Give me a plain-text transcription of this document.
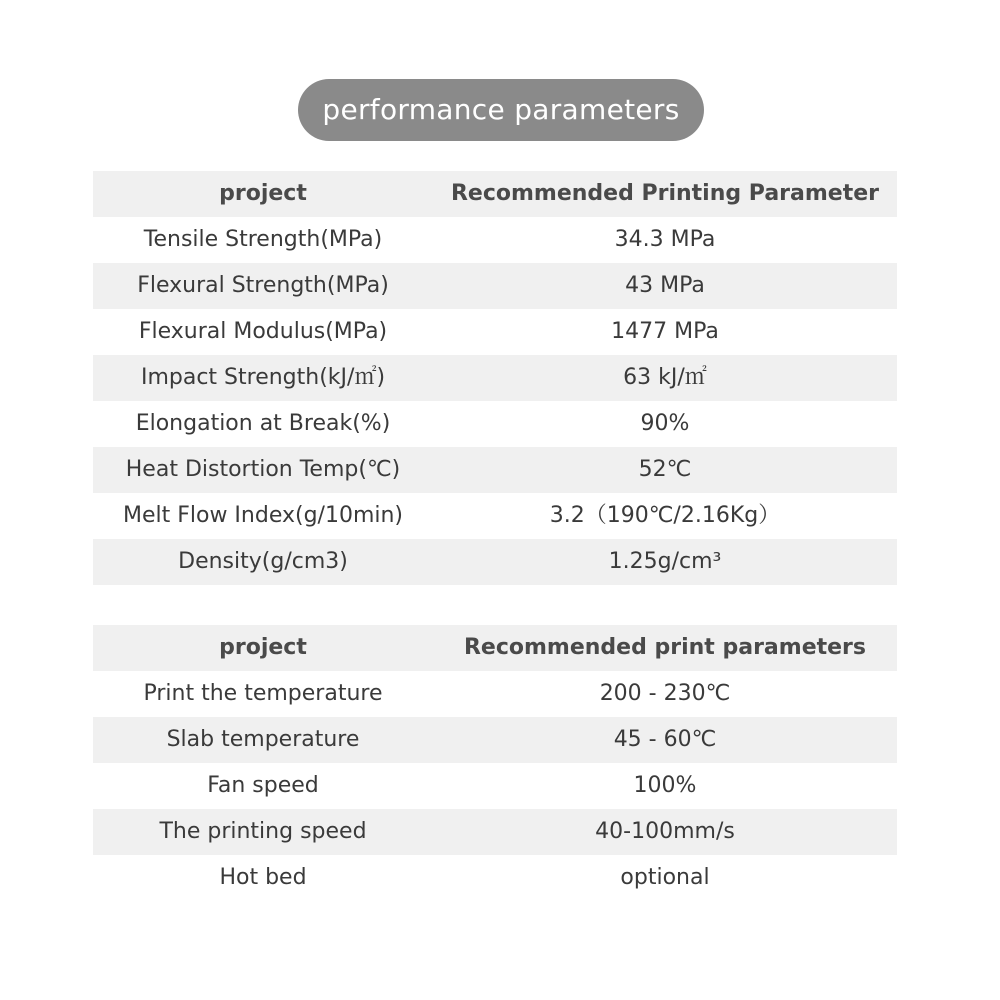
performance parameters
project	Recommended Printing Parameter
Tensile Strength(MPa)	34.3 MPa
Flexural Strength(MPa)	43 MPa
Flexural Modulus(MPa)	1477 MPa
Impact Strength(kJ/㎡)	63 kJ/㎡
Elongation at Break(%)	90%
Heat Distortion Temp(℃)	52℃
Melt Flow Index(g/10min)	3.2（190℃/2.16Kg）
Density(g/cm3)	1.25g/cm³
project	Recommended print parameters
Print the temperature	200 - 230℃
Slab temperature	45 - 60℃
Fan speed	100%
The printing speed	40-100mm/s
Hot bed	optional
